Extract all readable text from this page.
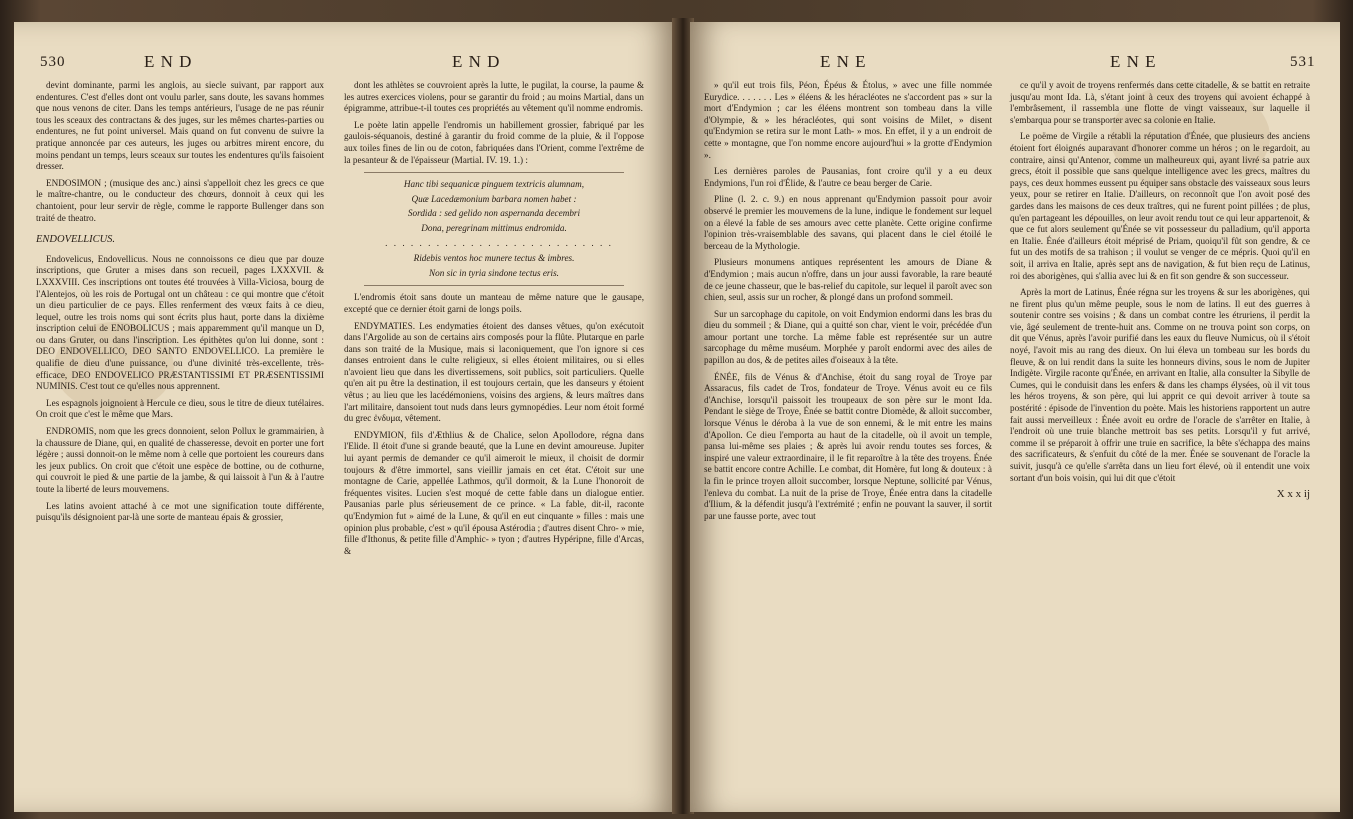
530	E N D	E N D

devint dominante, parmi les anglois, au siecle suivant, par rapport aux endentures. C'est d'elles dont ont voulu parler, sans doute, les savans hommes que nous venons de citer. Dans les temps antérieurs, l'usage de ne pas réunir tous les sceaux des contractans & des juges, sur les mêmes chartes-parties ou endentures, ne fut point universel. Mais quand on fut convenu de suivre la pratique annoncée par ces auteurs, les juges ou arbitres mirent encore, du moins pendant un temps, leurs sceaux sur toutes les endentures qu'ils faisoient dresser.

ENDOSIMON ; (musique des anc.) ainsi s'appelloit chez les grecs ce que le maître-chantre, ou le conducteur des chœurs, donnoit à ceux qui les chantoient, pour leur servir de règle, comme le rapporte Bullenger dans son traité de theatro.

ENDOVELLICUS.

Endovelicus, Endovellicus. Nous ne connoissons ce dieu que par douze inscriptions, que Gruter a mises dans son recueil, pages LXXXVII. & LXXXVIII. Ces inscriptions ont toutes été trouvées à Villa-Viciosa, bourg de l'Alentejos, où les rois de Portugal ont un château : ce qui montre que c'étoit un dieu particulier de ce pays. Elles renferment des vœux faits à ce dieu, lequel, outre les trois noms qui sont écrits plus haut, porte dans la dixième inscription celui de ENOBOLICUS ; mais apparemment qu'il manque un D, ou dans Gruter, ou dans l'inscription. Les épithètes qu'on lui donne, sont : DEO ENDOVELLICO, DEO SANTO ENDOVELLICO. La première le qualifie de dieu d'une puissance, ou d'une divinité très-excellente, très-efficace, DEO ENDOVELICO PRÆSTANTISSIMI ET PRÆSENTISSIMI NUMINIS. C'est tout ce qu'elles nous apprennent.

Les espagnols joignoient à Hercule ce dieu, sous le titre de dieux tutélaires. On croit que c'est le même que Mars.

ENDROMIS, nom que les grecs donnoient, selon Pollux le grammairien, à la chaussure de Diane, qui, en qualité de chasseresse, devoit en porter une fort légère ; aussi donnoit-on le même nom à celle que portoient les coureurs dans les jeux publics. On croit que c'étoit une espèce de bottine, ou de cothurne, qui couvroit le pied & une partie de la jambe, & qui laissoit à l'un & à l'autre toute la liberté de leurs mouvemens.

Les latins avoient attaché à ce mot une signification toute différente, puisqu'ils désignoient par-là une sorte de manteau épais & grossier,

dont les athlètes se couvroient après la lutte, le pugilat, la course, la paume & les autres exercices violens, pour se garantir du froid ; au moins Martial, dans un épigramme, attribue-t-il toutes ces propriétés au vêtement qu'il nomme endromis.

Le poète latin appelle l'endromis un habillement grossier, fabriqué par les gaulois-séquanois, destiné à garantir du froid comme de la pluie, & il l'oppose aux toiles fines de lin ou de coton, fabriquées dans l'Orient, comme l'extrême de la pesanteur & de l'épaisseur (Martial. IV. 19. 1.) :

Hanc tibi sequanicæ pinguem textricis alumnam,

Quæ Lacedæmonium barbara nomen habet :

Sordida : sed gelido non aspernanda decembri

Dona, peregrinam mittimus endromida.

. . . . . . . . . . . . . . . . . . . . . . . . . . .

Ridebis ventos hoc munere tectus & imbres.

Non sic in tyria sindone tectus eris.

L'endromis étoit sans doute un manteau de même nature que le gausape, excepté que ce dernier étoit garni de longs poils.

ENDYMATIES. Les endymaties étoient des danses vêtues, qu'on exécutoit dans l'Argolide au son de certains airs composés pour la flûte. Plutarque en parle dans son traité de la Musique, mais si laconiquement, que l'on ignore si ces danses entroient dans le culte religieux, si elles étoient militaires, ou si elles n'avoient lieu que dans les divertissemens, soit publics, soit particuliers. Quelle qu'en ait pu être la destination, il est toujours certain, que les danseurs y étoient vêtus ; au lieu que les lacédémoniens, voisins des argiens, & leurs maîtres dans l'art militaire, dansoient tout nuds dans leurs gymnopédies. Leur nom étoit formé du grec ἐνδυμα, vêtement.

ENDYMION, fils d'Æthlius & de Chalice, selon Apollodore, régna dans l'Elide. Il étoit d'une si grande beauté, que la Lune en devint amoureuse. Jupiter lui ayant permis de demander ce qu'il aimeroit le mieux, il choisit de dormir toujours & d'être immortel, sans vieillir jamais en cet état. C'étoit sur une montagne de Carie, appellée Lathmos, qu'il dormoit, & la Lune l'honoroit de fréquentes visites. Lucien s'est moqué de cette fable dans un dialogue entier. Pausanias parle plus sérieusement de ce prince. « La fable, dit-il, raconte qu'Endymion fut » aimé de la Lune, & qu'il en eut cinquante » filles : mais une opinion plus probable, c'est » qu'il épousa Astérodia ; d'autres disent Chro- » mie, fille d'Ithonus, & petite fille d'Amphic- » tyon ; d'autres Hypéripne, fille d'Arcas, &

E N E	E N E	531

» qu'il eut trois fils, Péon, Épéus & Étolus, » avec une fille nommée Eurydice. . . . . . . Les » éléens & les héracléotes ne s'accordent pas » sur la mort d'Endymion ; car les éléens montrent son tombeau dans la ville d'Olympie, & » les héracléotes, qui sont voisins de Milet, » disent qu'Endymion se retira sur le mont Lath- » mos. En effet, il y a un endroit de cette » montagne, que l'on nomme encore aujourd'hui » la grotte d'Endymion ».

Les dernières paroles de Pausanias, font croire qu'il y a eu deux Endymions, l'un roi d'Élide, & l'autre ce beau berger de Carie.

Pline (l. 2. c. 9.) en nous apprenant qu'Endymion passoit pour avoir observé le premier les mouvemens de la lune, indique le fondement sur lequel on a élevé la fable de ses amours avec cette planète. Cette origine confirme l'opinion très-vraisemblable des savans, qui placent dans le ciel étoilé le berceau de la Mythologie.

Plusieurs monumens antiques représentent les amours de Diane & d'Endymion ; mais aucun n'offre, dans un jour aussi favorable, la rare beauté de ce jeune chasseur, que le bas-relief du capitole, sur lequel il paroît avec son chien, seul, assis sur un rocher, & plongé dans un profond sommeil.

Sur un sarcophage du capitole, on voit Endymion endormi dans les bras du dieu du sommeil ; & Diane, qui a quitté son char, vient le voir, précédée d'un amour portant une torche. La même fable est représentée sur un autre sarcophage du même muséum. Morphée y paroît endormi avec des ailes de papillon au dos, & de petites ailes d'oiseaux à la tête.

ÉNÉE, fils de Vénus & d'Anchise, étoit du sang royal de Troye par Assaracus, fils cadet de Tros, fondateur de Troye. Vénus avoit eu ce fils d'Anchise, lorsqu'il paissoit les troupeaux de son père sur le mont Ida. Pendant le siège de Troye, Énée se battit contre Diomède, & alloit succomber, lorsque Vénus le déroba à la vue de son ennemi, & le mit entre les mains d'Apollon. Ce dieu l'emporta au haut de la citadelle, où il avoit un temple, pansa lui-même ses plaies ; & après lui avoir rendu toutes ses forces, & inspiré une valeur extraordinaire, il le fit reparoître à la tête des troyens. Énée se battit encore contre Achille. Le combat, dit Homère, fut long & douteux : à la fin le prince troyen alloit succomber, lorsque Neptune, sollicité par Vénus, l'enleva du combat. La nuit de la prise de Troye, Énée entra dans la citadelle d'Ilium, & la défendit jusqu'à l'extrémité ; enfin ne pouvant la sauver, il sortit par une fausse porte, avec tout

ce qu'il y avoit de troyens renfermés dans cette citadelle, & se battit en retraite jusqu'au mont Ida. Là, s'étant joint à ceux des troyens qui avoient échappé à l'embrâsement, il rassembla une flotte de vingt vaisseaux, sur laquelle il s'embarqua pour se transporter avec sa colonie en Italie.

Le poëme de Virgile a rétabli la réputation d'Énée, que plusieurs des anciens étoient fort éloignés auparavant d'honorer comme un héros ; on le regardoit, au contraire, ainsi qu'Antenor, comme un malheureux qui, ayant livré sa patrie aux grecs, étoit il possible que sans quelque intelligence avec les grecs, maîtres du pays, ces deux hommes eussent pu équiper sans obstacle des vaisseaux sous leurs yeux, pour se retirer en Italie. D'ailleurs, on reconnoît que l'on avoit posé des gardes dans les maisons de ces deux traîtres, qui ne furent point pillées ; de plus, qu'en partageant les dépouilles, on leur avoit rendu tout ce qui leur appartenoit, & que ce fut alors seulement qu'Énée se vit possesseur du palladium, qu'il apporta en Italie. Énée d'ailleurs étoit méprisé de Priam, quoiqu'il fût son gendre, & ce fut un des motifs de sa trahison ; il voulut se venger de ce mépris. Quoi qu'il en soit, il arriva en Italie, après sept ans de navigation, & fut bien reçu de Latinus, roi des aborigènes, qui s'allia avec lui & en fit son gendre & son successeur.

Après la mort de Latinus, Énée régna sur les troyens & sur les aborigènes, qui ne firent plus qu'un même peuple, sous le nom de latins. Il eut des guerres à soutenir contre ses voisins ; & dans un combat contre les étruriens, il perdit la vie, âgé seulement de trente-huit ans. Comme on ne trouva point son corps, on dit que Vénus, après l'avoir purifié dans les eaux du fleuve Numicus, où il s'étoit noyé, l'avoit mis au rang des dieux. On lui éleva un tombeau sur les bords du fleuve, & on lui rendit dans la suite les honneurs divins, sous le nom de Jupiter Indigète. Virgile raconte qu'Énée, en arrivant en Italie, alla consulter la Sibylle de Cumes, qui le conduisit dans les enfers & dans les champs élysées, où il vit tous les héros troyens, & son père, qui lui apprit ce qui devoit arriver à toute sa postérité : épisode de l'invention du poète. Mais les historiens rapportent un autre fait aussi merveilleux : Énée avoit eu ordre de l'oracle de s'arrêter en Italie, à l'endroit où une truie blanche mettroit bas ses petits. Lorsqu'il y fut arrivé, comme il se préparoit à offrir une truie en sacrifice, la bête s'échappa des mains des sacrificateurs, & s'enfuit du côté de la mer. Énée se souvenant de l'oracle la suivit, jusqu'à ce qu'elle s'arrêta dans un lieu fort élevé, où il entendit une voix sortant d'un bois voisin, qui lui dit que c'étoit

X x x ij
